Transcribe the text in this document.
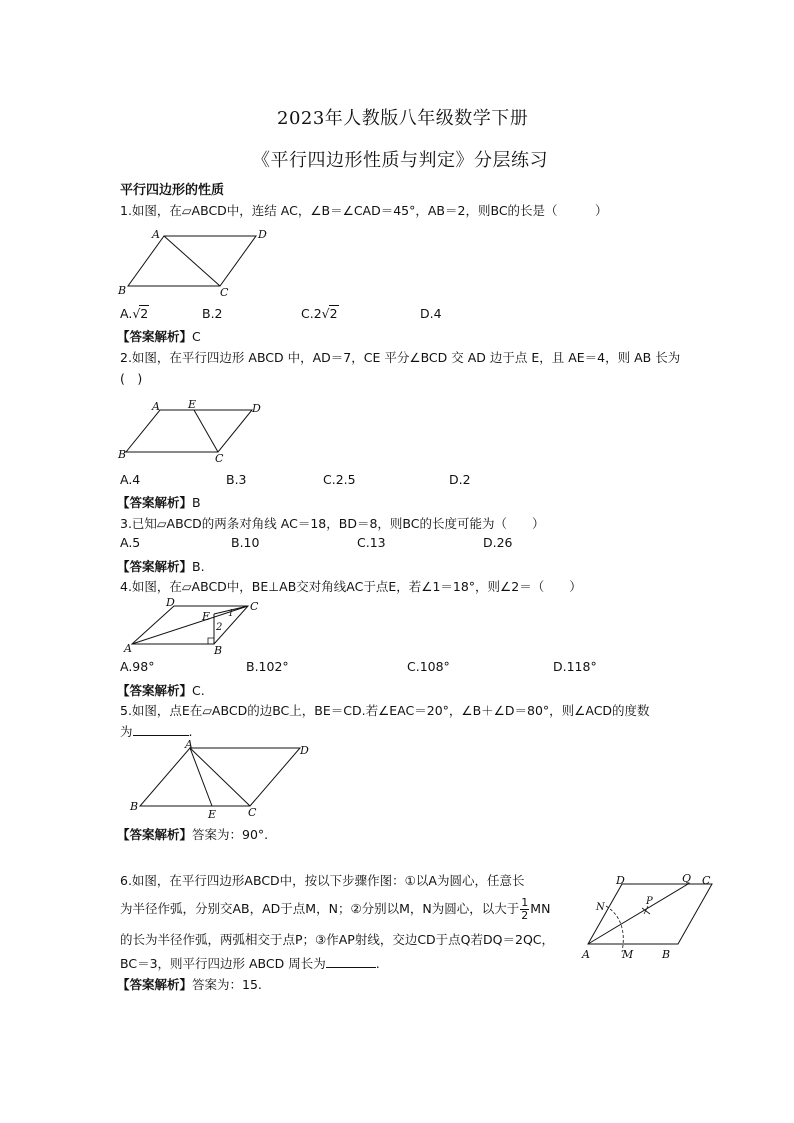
2023年人教版八年级数学下册
《平行四边形性质与判定》分层练习
平行四边形的性质
1.如图，在▱ABCD中，连结 AC，∠B＝∠CAD＝45°，AB＝2，则BC的长是（　　　）
A	D
B	C
A.√2	B.2	C.2√2	D.4
【答案解析】C
2.如图，在平行四边形 ABCD 中，AD＝7，CE 平分∠BCD 交 AD 边于点 E，且 AE＝4，则 AB 长为
(　)
A	E	D
B	C
A.4	B.3	C.2.5	D.2
【答案解析】B
3.已知▱ABCD的两条对角线 AC＝18，BD＝8，则BC的长度可能为（　　）
A.5	B.10	C.13	D.26
【答案解析】B.
4.如图，在▱ABCD中，BE⊥AB交对角线AC于点E，若∠1＝18°，则∠2＝（　　）
D
E 1
C
2
A	B
A.98°	B.102°	C.108°	D.118°
【答案解析】C.
5.如图，点E在▱ABCD的边BC上，BE＝CD.若∠EAC＝20°，∠B＋∠D＝80°，则∠ACD的度数
为	.
A	D
B
E	C
【答案解析】答案为：90°.
6.如图，在平行四边形ABCD中，按以下步骤作图：①以A为圆心，任意长
为半径作弧，分别交AB，AD于点M，N；②分别以M，N为圆心，以大于 $\frac{1}{2}$ MN
的长为半径作弧，两弧相交于点P；③作AP射线，交边CD于点Q若DQ＝2QC，
BC＝3，则平行四边形 ABCD 周长为	.
D	Q C
N
P
A	M	B
【答案解析】答案为：15.
